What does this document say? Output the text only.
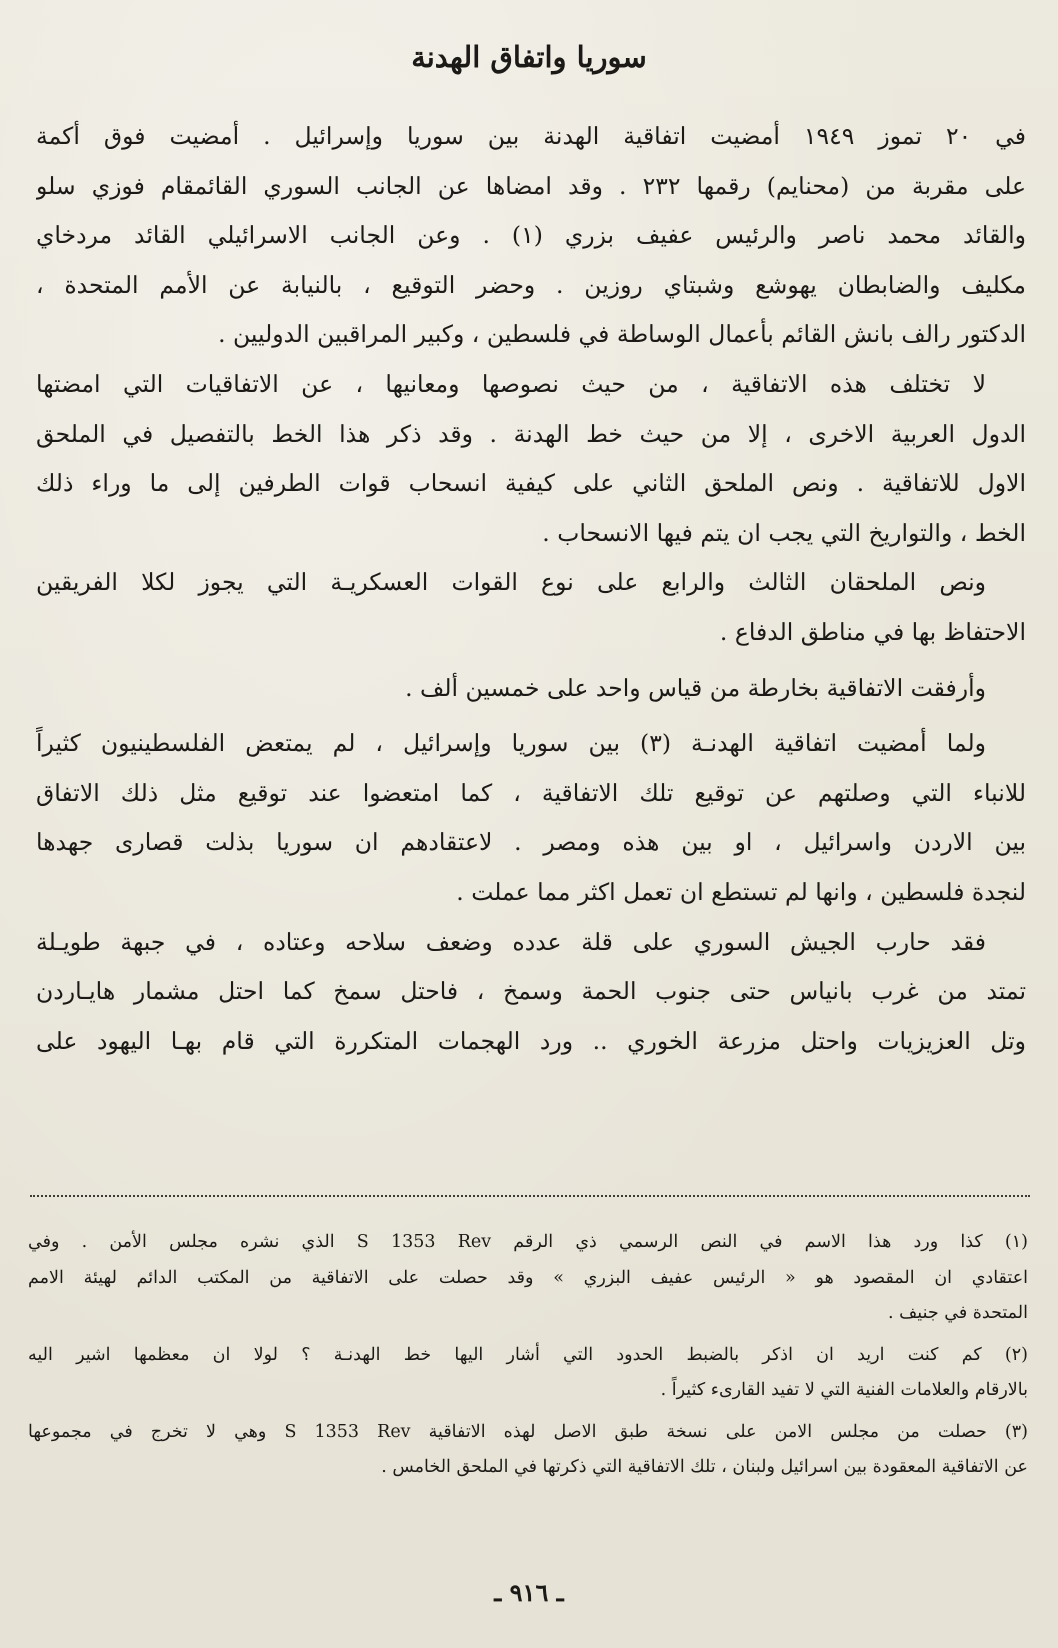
سوريا واتفاق الهدنة
في ٢٠ تموز ١٩٤٩ أمضيت اتفاقية الهدنة بين سوريا وإسرائيل . أمضيت فوق أكمة
على مقربة من (محنايم) رقمها ٢٣٢ . وقد امضاها عن الجانب السوري القائمقام فوزي سلو
والقائد محمد ناصر والرئيس عفيف بزري (١) . وعن الجانب الاسرائيلي القائد مردخاي
مكليف والضابطان يهوشع وشبتاي روزين . وحضر التوقيع ، بالنيابة عن الأمم المتحدة ،
الدكتور رالف بانش القائم بأعمال الوساطة في فلسطين ، وكبير المراقبين الدوليين .
لا تختلف هذه الاتفاقية ، من حيث نصوصها ومعانيها ، عن الاتفاقيات التي امضتها
الدول العربية الاخرى ، إلا من حيث خط الهدنة . وقد ذكر هذا الخط بالتفصيل في الملحق
الاول للاتفاقية . ونص الملحق الثاني على كيفية انسحاب قوات الطرفين إلى ما وراء ذلك
الخط ، والتواريخ التي يجب ان يتم فيها الانسحاب .
ونص الملحقان الثالث والرابع على نوع القوات العسكريـة التي يجوز لكلا الفريقين
الاحتفاظ بها في مناطق الدفاع .
وأرفقت الاتفاقية بخارطة من قياس واحد على خمسين ألف .
ولما أمضيت اتفاقية الهدنـة (٣) بين سوريا وإسرائيل ، لم يمتعض الفلسطينيون كثيراً
للانباء التي وصلتهم عن توقيع تلك الاتفاقية ، كما امتعضوا عند توقيع مثل ذلك الاتفاق
بين الاردن واسرائيل ، او بين هذه ومصر . لاعتقادهم ان سوريا بذلت قصارى جهدها
لنجدة فلسطين ، وانها لم تستطع ان تعمل اكثر مما عملت .
فقد حارب الجيش السوري على قلة عدده وضعف سلاحه وعتاده ، في جبهة طويـلة
تمتد من غرب بانياس حتى جنوب الحمة وسمخ ، فاحتل سمخ كما احتل مشمار هايـاردن
وتل العزيزيات واحتل مزرعة الخوري .. ورد الهجمات المتكررة التي قام بهـا اليهود على
(١) كذا ورد هذا الاسم في النص الرسمي ذي الرقم S 1353 Rev الذي نشره مجلس الأمن . وفي
اعتقادي ان المقصود هو « الرئيس عفيف البزري » وقد حصلت على الاتفاقية من المكتب الدائم لهيئة الامم
المتحدة في جنيف .
(٢) كم كنت اريد ان اذكر بالضبط الحدود التي أشار اليها خط الهدنـة ؟ لولا ان معظمها اشير اليه
بالارقام والعلامات الفنية التي لا تفيد القارىء كثيراً .
(٣) حصلت من مجلس الامن على نسخة طبق الاصل لهذه الاتفاقية S 1353 Rev وهي لا تخرج في مجموعها
عن الاتفاقية المعقودة بين اسرائيل ولبنان ، تلك الاتفاقية التي ذكرتها في الملحق الخامس .
ـ ٩١٦ ـ
